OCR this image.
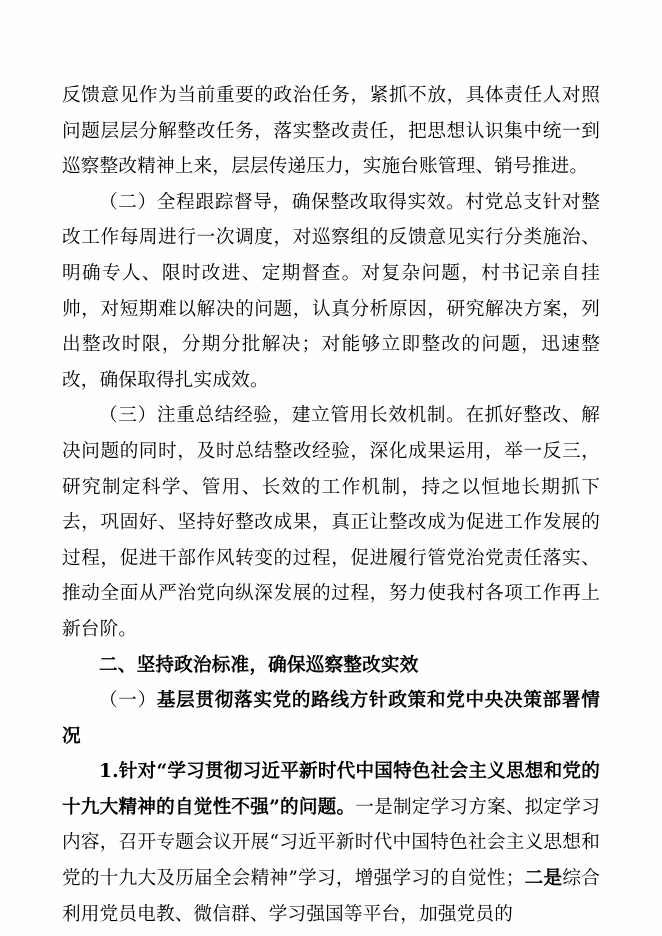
反馈意见作为当前重要的政治任务，紧抓不放，具体责任人对照问题层层分解整改任务，落实整改责任，把思想认识集中统一到巡察整改精神上来，层层传递压力，实施台账管理、销号推进。

（二）全程跟踪督导，确保整改取得实效。村党总支针对整改工作每周进行一次调度，对巡察组的反馈意见实行分类施治、明确专人、限时改进、定期督查。对复杂问题，村书记亲自挂帅，对短期难以解决的问题，认真分析原因，研究解决方案，列出整改时限，分期分批解决；对能够立即整改的问题，迅速整改，确保取得扎实成效。

（三）注重总结经验，建立管用长效机制。在抓好整改、解决问题的同时，及时总结整改经验，深化成果运用，举一反三，研究制定科学、管用、长效的工作机制，持之以恒地长期抓下去，巩固好、坚持好整改成果，真正让整改成为促进工作发展的过程，促进干部作风转变的过程，促进履行管党治党责任落实、推动全面从严治党向纵深发展的过程，努力使我村各项工作再上新台阶。

二、坚持政治标准，确保巡察整改实效

（一）基层贯彻落实党的路线方针政策和党中央决策部署情况

1.针对“学习贯彻习近平新时代中国特色社会主义思想和党的十九大精神的自觉性不强”的问题。一是制定学习方案、拟定学习内容，召开专题会议开展“习近平新时代中国特色社会主义思想和党的十九大及历届全会精神”学习，增强学习的自觉性；二是综合利用党员电教、微信群、学习强国等平台，加强党员的
